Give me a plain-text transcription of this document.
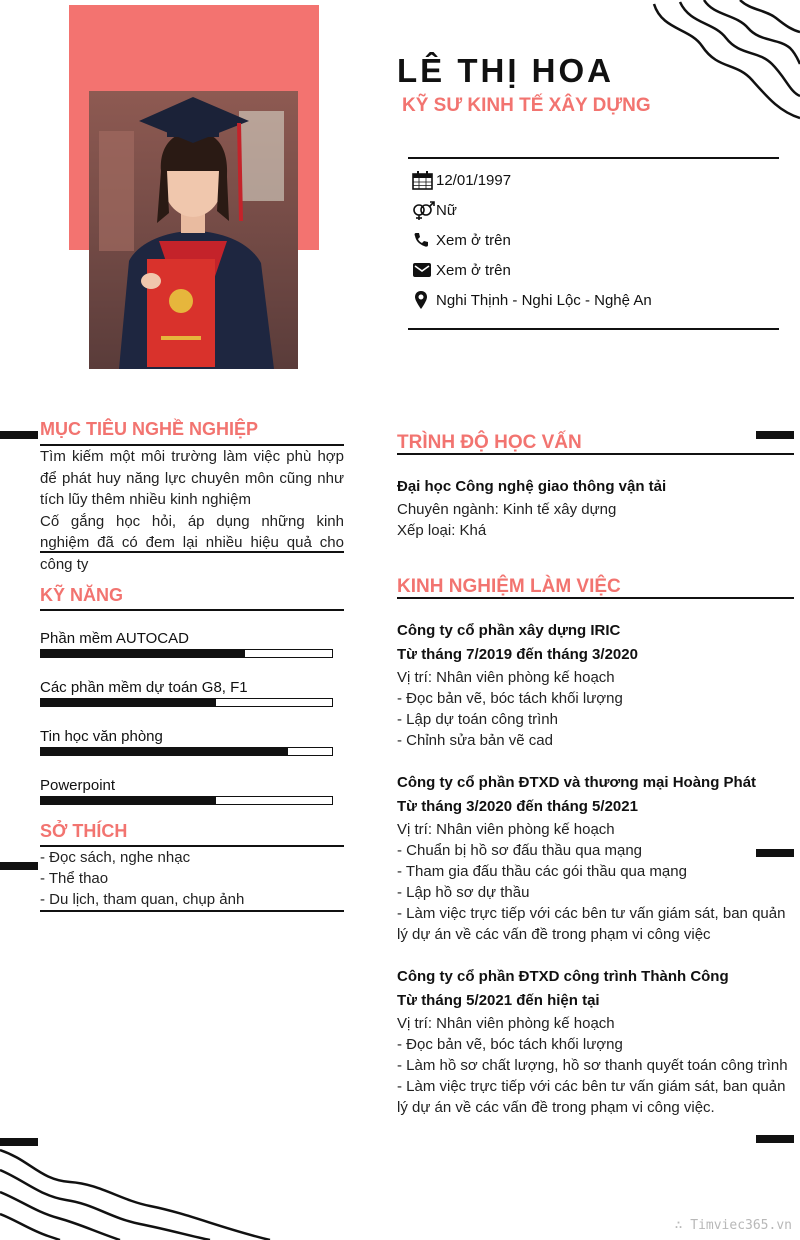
LÊ THỊ HOA
KỸ SƯ KINH TẾ XÂY DỰNG
12/01/1997
Nữ
Xem ở trên
Xem ở trên
Nghi Thịnh - Nghi Lộc - Nghệ An
MỤC TIÊU NGHỀ NGHIỆP
Tìm kiếm một môi trường làm việc phù hợp để phát huy năng lực chuyên môn cũng như tích lũy thêm nhiều kinh nghiệm
Cố gắng học hỏi, áp dụng những kinh nghiệm đã có đem lại nhiều hiệu quả cho công ty
KỸ NĂNG
Phần mềm AUTOCAD
Các phần mềm dự toán G8, F1
Tin học văn phòng
Powerpoint
SỞ THÍCH
- Đọc sách, nghe nhạc
- Thể thao
- Du lịch, tham quan, chụp ảnh
TRÌNH ĐỘ HỌC VẤN
Đại học Công nghệ giao thông vận tải
Chuyên ngành: Kinh tế xây dựng
Xếp loại: Khá
KINH NGHIỆM LÀM VIỆC
Công ty cổ phần xây dựng IRIC
Từ tháng 7/2019 đến tháng 3/2020
Vị trí: Nhân viên phòng kế hoạch
- Đọc bản vẽ, bóc tách khối lượng
- Lập dự toán công trình
- Chỉnh sửa bản vẽ cad
Công ty cổ phần ĐTXD và thương mại Hoàng Phát
Từ tháng 3/2020 đến tháng 5/2021
Vị trí: Nhân viên phòng kế hoạch
- Chuẩn bị hồ sơ đấu thầu qua mạng
- Tham gia đấu thầu các gói thầu qua mạng
- Lập hồ sơ dự thầu
- Làm việc trực tiếp với các bên tư vấn giám sát, ban quản lý dự án về các vấn đề trong phạm vi công việc
Công ty cổ phần ĐTXD công trình Thành Công
Từ tháng 5/2021 đến hiện tại
Vị trí: Nhân viên phòng kế hoạch
- Đọc bản vẽ, bóc tách khối lượng
- Làm hồ sơ chất lượng, hồ sơ thanh quyết toán công trình
- Làm việc trực tiếp với các bên tư vấn giám sát, ban quản lý dự án về các vấn đề trong phạm vi công việc.
∴ Timviec365.vn
